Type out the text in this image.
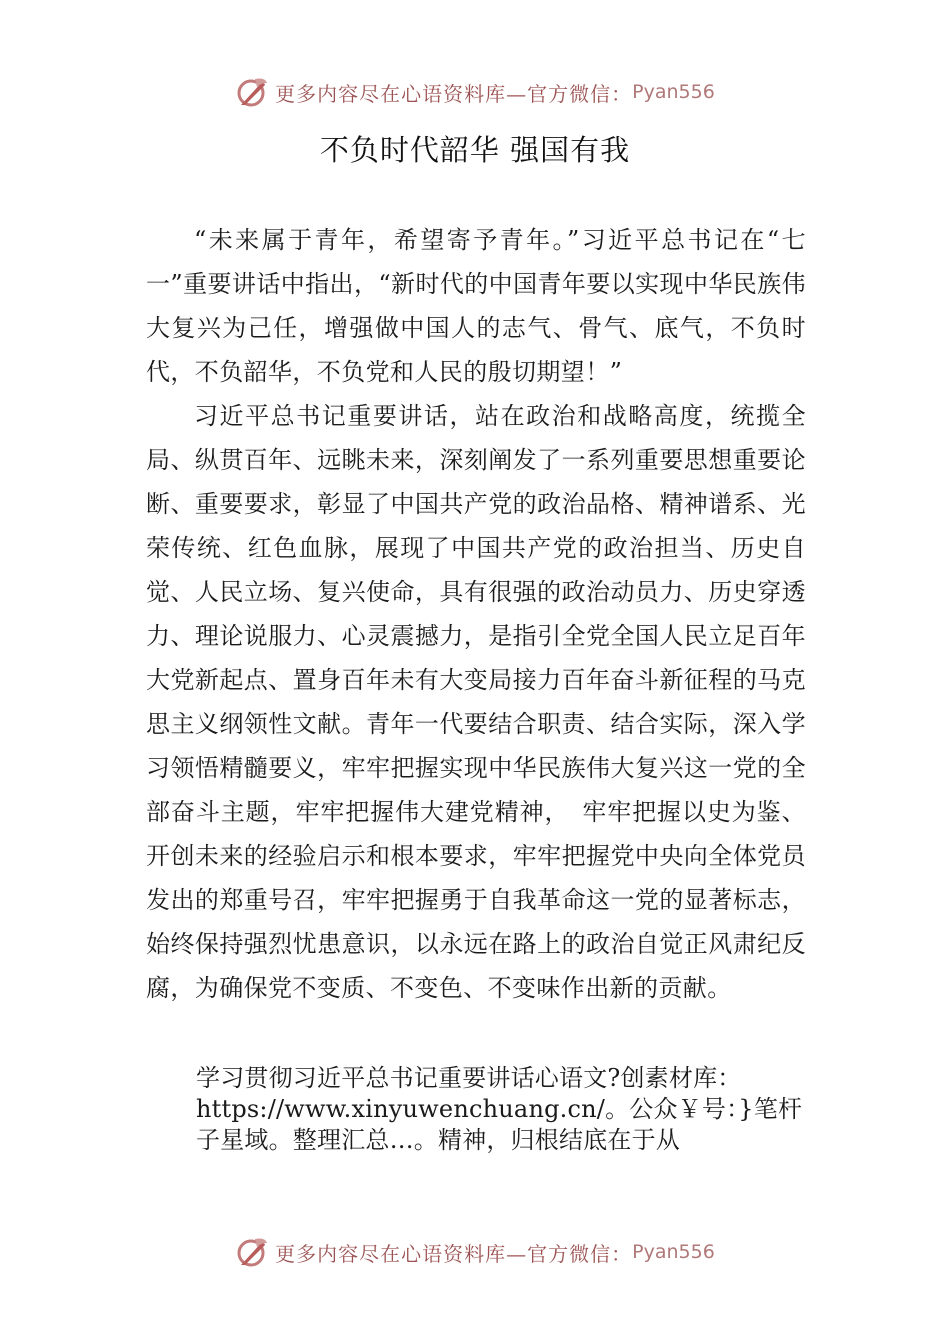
更多内容尽在心语资料库—官方微信： Pyan556
不负时代韶华 强国有我

“未来属于青年，希望寄予青年。”习近平总书记在“七一”重要讲话中指出，“新时代的中国青年要以实现中华民族伟大复兴为己任，增强做中国人的志气、骨气、底气，不负时代，不负韶华，不负党和人民的殷切期望！”

习近平总书记重要讲话，站在政治和战略高度，统揽全局、纵贯百年、远眺未来，深刻阐发了一系列重要思想重要论断、重要要求，彰显了中国共产党的政治品格、精神谱系、光荣传统、红色血脉，展现了中国共产党的政治担当、历史自觉、人民立场、复兴使命，具有很强的政治动员力、历史穿透力、理论说服力、心灵震撼力，是指引全党全国人民立足百年大党新起点、置身百年未有大变局接力百年奋斗新征程的马克思主义纲领性文献。青年一代要结合职责、结合实际，深入学习领悟精髓要义，牢牢把握实现中华民族伟大复兴这一党的全部奋斗主题，牢牢把握伟大建党精神，　牢牢把握以史为鉴、开创未来的经验启示和根本要求，牢牢把握党中央向全体党员发出的郑重号召，牢牢把握勇于自我革命这一党的显著标志，始终保持强烈忧患意识，以永远在路上的政治自觉正风肃纪反腐，为确保党不变质、不变色、不变味作出新的贡献。

学习贯彻习近平总书记重要讲话心语文?创素材库：
https://www.xinyuwenchuang.cn/。公众￥号：}笔杆
子星域。整理汇总…。精神，归根结底在于从
更多内容尽在心语资料库—官方微信： Pyan556
